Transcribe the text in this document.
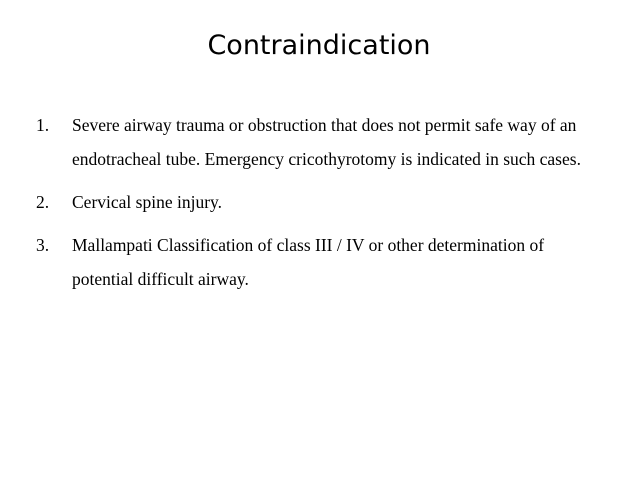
Contraindication
1.	Severe airway trauma or obstruction that does not permit safe way of an endotracheal tube. Emergency cricothyrotomy is indicated in such cases.
2.	Cervical spine injury.
3.	Mallampati Classification of class III / IV or other determination of potential difficult airway.
